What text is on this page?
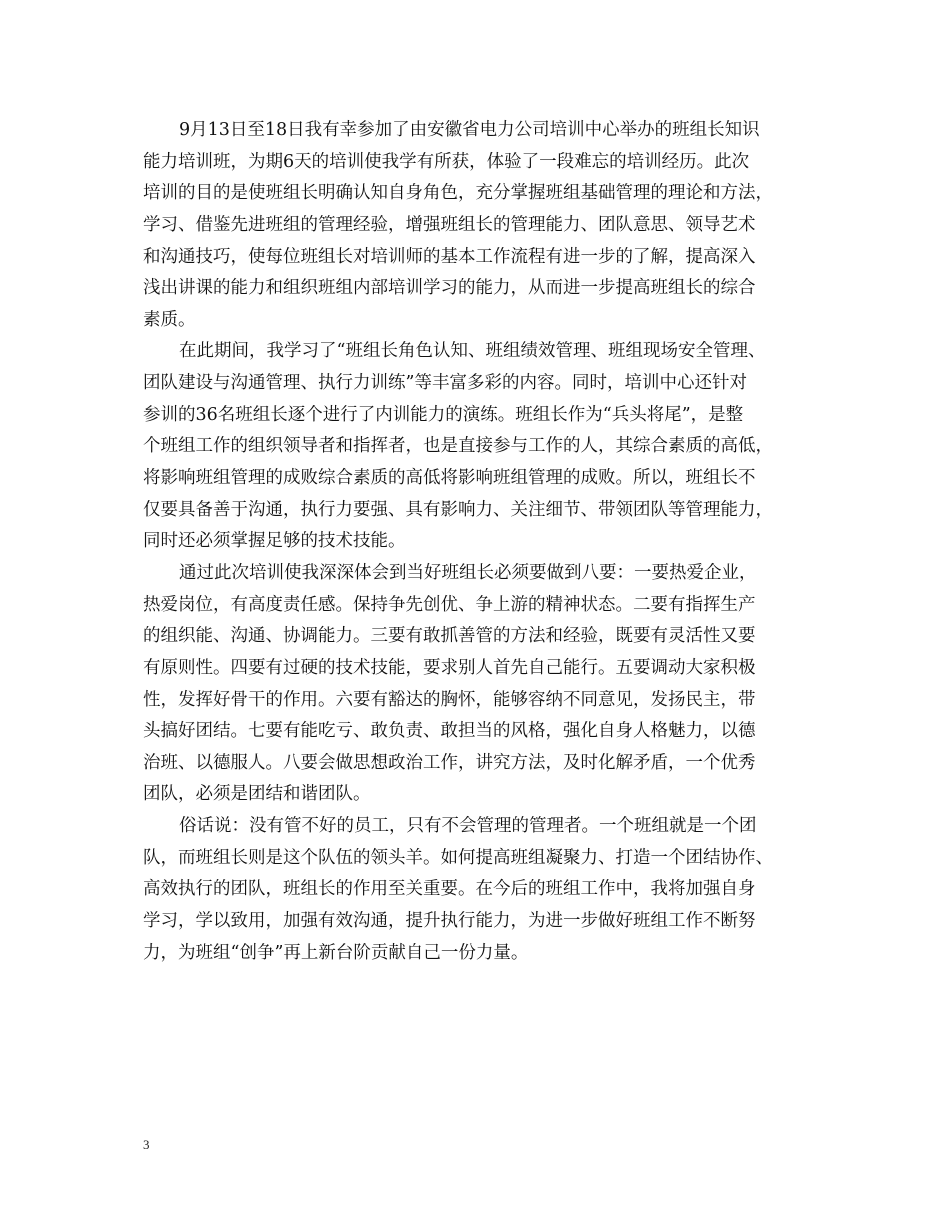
9月13日至18日我有幸参加了由安徽省电力公司培训中心举办的班组长知识
能力培训班，为期6天的培训使我学有所获，体验了一段难忘的培训经历。此次
培训的目的是使班组长明确认知自身角色，充分掌握班组基础管理的理论和方法，
学习、借鉴先进班组的管理经验，增强班组长的管理能力、团队意思、领导艺术
和沟通技巧，使每位班组长对培训师的基本工作流程有进一步的了解，提高深入
浅出讲课的能力和组织班组内部培训学习的能力，从而进一步提高班组长的综合
素质。
在此期间，我学习了“班组长角色认知、班组绩效管理、班组现场安全管理、
团队建设与沟通管理、执行力训练”等丰富多彩的内容。同时，培训中心还针对
参训的36名班组长逐个进行了内训能力的演练。班组长作为“兵头将尾”，是整
个班组工作的组织领导者和指挥者，也是直接参与工作的人，其综合素质的高低，
将影响班组管理的成败综合素质的高低将影响班组管理的成败。所以，班组长不
仅要具备善于沟通，执行力要强、具有影响力、关注细节、带领团队等管理能力，
同时还必须掌握足够的技术技能。
通过此次培训使我深深体会到当好班组长必须要做到八要：一要热爱企业，
热爱岗位，有高度责任感。保持争先创优、争上游的精神状态。二要有指挥生产
的组织能、沟通、协调能力。三要有敢抓善管的方法和经验，既要有灵活性又要
有原则性。四要有过硬的技术技能，要求别人首先自己能行。五要调动大家积极
性，发挥好骨干的作用。六要有豁达的胸怀，能够容纳不同意见，发扬民主，带
头搞好团结。七要有能吃亏、敢负责、敢担当的风格，强化自身人格魅力，以德
治班、以德服人。八要会做思想政治工作，讲究方法，及时化解矛盾，一个优秀
团队，必须是团结和谐团队。
俗话说：没有管不好的员工，只有不会管理的管理者。一个班组就是一个团
队，而班组长则是这个队伍的领头羊。如何提高班组凝聚力、打造一个团结协作、
高效执行的团队，班组长的作用至关重要。在今后的班组工作中，我将加强自身
学习，学以致用，加强有效沟通，提升执行能力，为进一步做好班组工作不断努
力，为班组“创争”再上新台阶贡献自己一份力量。
3
